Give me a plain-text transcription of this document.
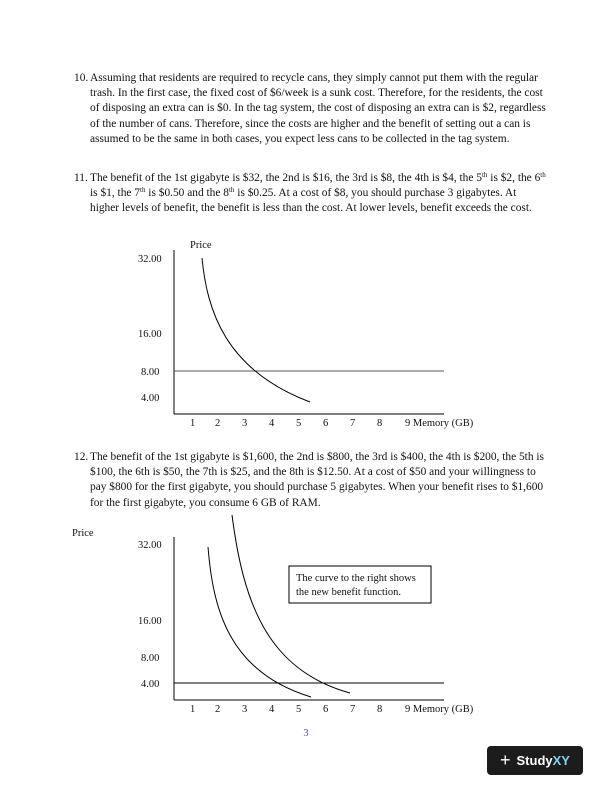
10. Assuming that residents are required to recycle cans, they simply cannot put them with the regular trash. In the first case, the fixed cost of $6/week is a sunk cost. Therefore, for the residents, the cost of disposing an extra can is $0. In the tag system, the cost of disposing an extra can is $2, regardless of the number of cans. Therefore, since the costs are higher and the benefit of setting out a can is assumed to be the same in both cases, you expect less cans to be collected in the tag system.
11. The benefit of the 1st gigabyte is $32, the 2nd is $16, the 3rd is $8, the 4th is $4, the 5th is $2, the 6th is $1, the 7th is $0.50 and the 8th is $0.25. At a cost of $8, you should purchase 3 gigabytes. At higher levels of benefit, the benefit is less than the cost. At lower levels, benefit exceeds the cost.
Price
32.00
16.00
8.00
4.00
1 2 3 4 5 6 7 8 9 Memory (GB)
12. The benefit of the 1st gigabyte is $1,600, the 2nd is $800, the 3rd is $400, the 4th is $200, the 5th is $100, the 6th is $50, the 7th is $25, and the 8th is $12.50. At a cost of $50 and your willingness to pay $800 for the first gigabyte, you should purchase 5 gigabytes. When your benefit rises to $1,600 for the first gigabyte, you consume 6 GB of RAM.
Price
32.00
16.00
8.00
4.00
The curve to the right shows
the new benefit function.
1 2 3 4 5 6 7 8 9 Memory (GB)
3
+ StudyXY
